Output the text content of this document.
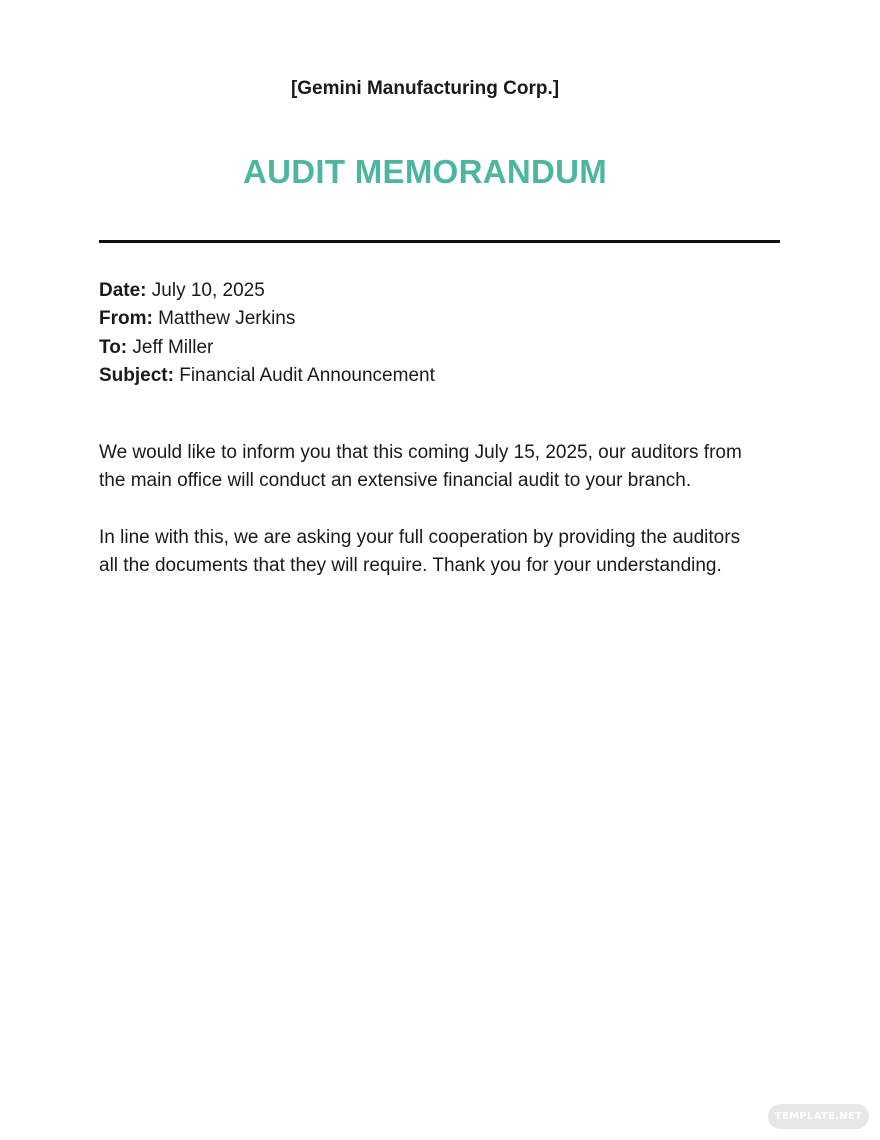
[Gemini Manufacturing Corp.]
AUDIT MEMORANDUM
Date: July 10, 2025
From: Matthew Jerkins
To: Jeff Miller
Subject: Financial Audit Announcement

We would like to inform you that this coming July 15, 2025, our auditors from the main office will conduct an extensive financial audit to your branch.

In line with this, we are asking your full cooperation by providing the auditors all the documents that they will require. Thank you for your understanding.

TEMPLATE.NET
